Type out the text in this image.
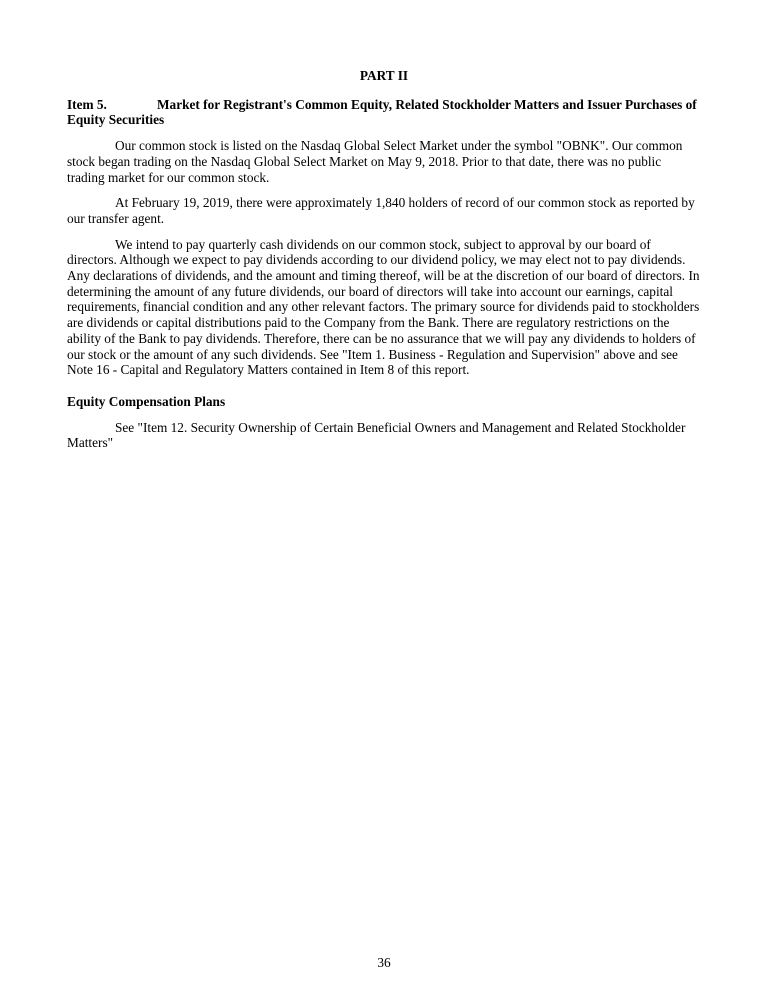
PART II

Item 5.	Market for Registrant's Common Equity, Related Stockholder Matters and Issuer Purchases of Equity Securities

Our common stock is listed on the Nasdaq Global Select Market under the symbol "OBNK". Our common stock began trading on the Nasdaq Global Select Market on May 9, 2018. Prior to that date, there was no public trading market for our common stock.

At February 19, 2019, there were approximately 1,840 holders of record of our common stock as reported by our transfer agent.

We intend to pay quarterly cash dividends on our common stock, subject to approval by our board of directors. Although we expect to pay dividends according to our dividend policy, we may elect not to pay dividends. Any declarations of dividends, and the amount and timing thereof, will be at the discretion of our board of directors. In determining the amount of any future dividends, our board of directors will take into account our earnings, capital requirements, financial condition and any other relevant factors. The primary source for dividends paid to stockholders are dividends or capital distributions paid to the Company from the Bank. There are regulatory restrictions on the ability of the Bank to pay dividends. Therefore, there can be no assurance that we will pay any dividends to holders of our stock or the amount of any such dividends. See "Item 1. Business - Regulation and Supervision" above and see Note 16 - Capital and Regulatory Matters contained in Item 8 of this report.

Equity Compensation Plans

See "Item 12. Security Ownership of Certain Beneficial Owners and Management and Related Stockholder Matters"

36
